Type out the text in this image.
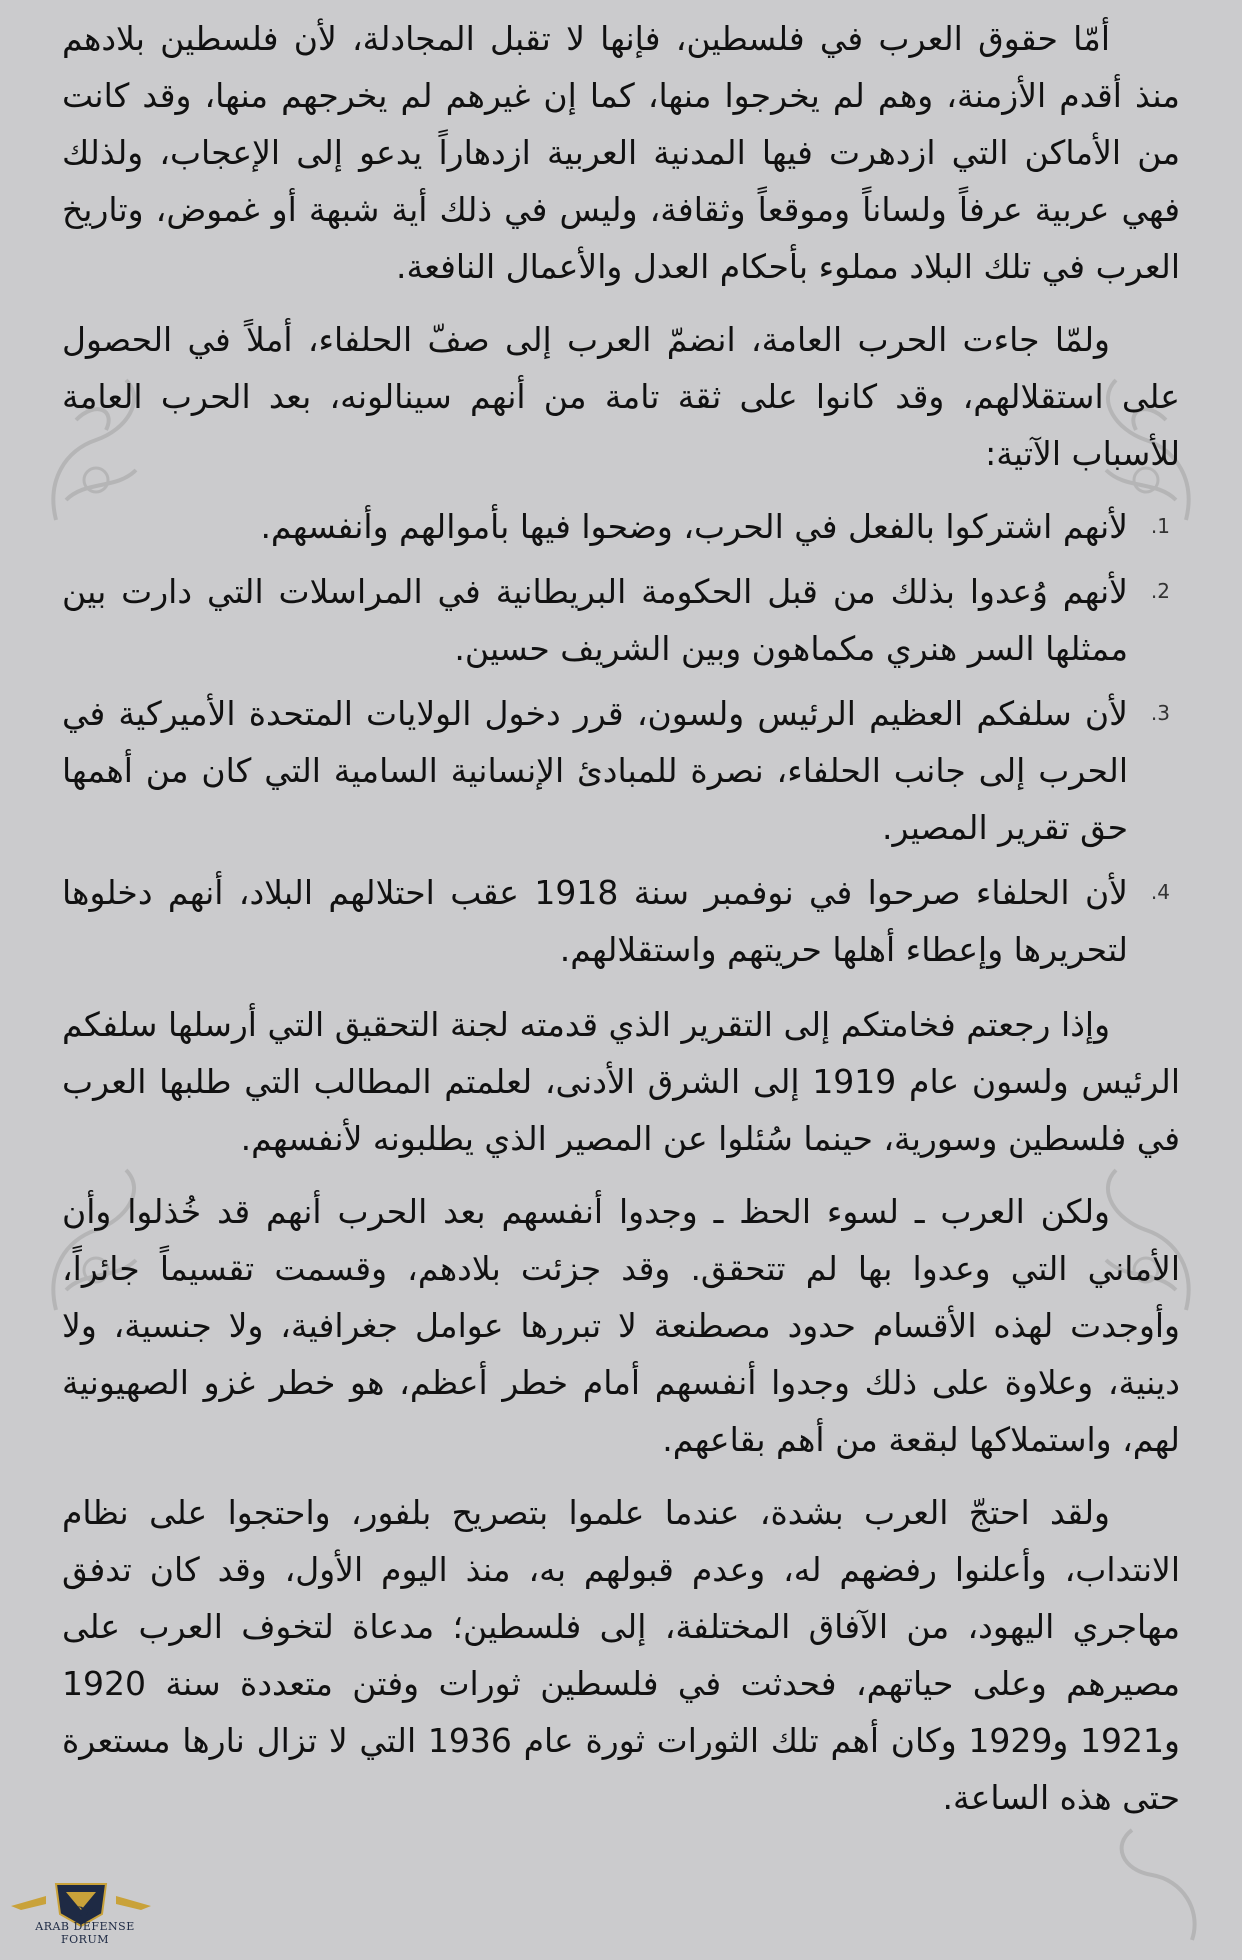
أمّا حقوق العرب في فلسطين، فإنها لا تقبل المجادلة، لأن فلسطين بلادهم منذ أقدم الأزمنة، وهم لم يخرجوا منها، كما إن غيرهم لم يخرجهم منها، وقد كانت من الأماكن التي ازدهرت فيها المدنية العربية ازدهاراً يدعو إلى الإعجاب، ولذلك فهي عربية عرفاً ولساناً وموقعاً وثقافة، وليس في ذلك أية شبهة أو غموض، وتاريخ العرب في تلك البلاد مملوء بأحكام العدل والأعمال النافعة.

ولمّا جاءت الحرب العامة، انضمّ العرب إلى صفّ الحلفاء، أملاً في الحصول على استقلالهم، وقد كانوا على ثقة تامة من أنهم سينالونه، بعد الحرب العامة للأسباب الآتية:

1.
لأنهم اشتركوا بالفعل في الحرب، وضحوا فيها بأموالهم وأنفسهم.
2.
لأنهم وُعدوا بذلك من قبل الحكومة البريطانية في المراسلات التي دارت بين ممثلها السر هنري مكماهون وبين الشريف حسين.
3.
لأن سلفكم العظيم الرئيس ولسون، قرر دخول الولايات المتحدة الأميركية في الحرب إلى جانب الحلفاء، نصرة للمبادئ الإنسانية السامية التي كان من أهمها حق تقرير المصير.
4.
لأن الحلفاء صرحوا في نوفمبر سنة 1918 عقب احتلالهم البلاد، أنهم دخلوها لتحريرها وإعطاء أهلها حريتهم واستقلالهم.

وإذا رجعتم فخامتكم إلى التقرير الذي قدمته لجنة التحقيق التي أرسلها سلفكم الرئيس ولسون عام 1919 إلى الشرق الأدنى، لعلمتم المطالب التي طلبها العرب في فلسطين وسورية، حينما سُئلوا عن المصير الذي يطلبونه لأنفسهم.

ولكن العرب ـ لسوء الحظ ـ وجدوا أنفسهم بعد الحرب أنهم قد خُذلوا وأن الأماني التي وعدوا بها لم تتحقق. وقد جزئت بلادهم، وقسمت تقسيماً جائراً، وأوجدت لهذه الأقسام حدود مصطنعة لا تبررها عوامل جغرافية، ولا جنسية، ولا دينية، وعلاوة على ذلك وجدوا أنفسهم أمام خطر أعظم، هو خطر غزو الصهيونية لهم، واستملاكها لبقعة من أهم بقاعهم.

ولقد احتجّ العرب بشدة، عندما علموا بتصريح بلفور، واحتجوا على نظام الانتداب، وأعلنوا رفضهم له، وعدم قبولهم به، منذ اليوم الأول، وقد كان تدفق مهاجري اليهود، من الآفاق المختلفة، إلى فلسطين؛ مدعاة لتخوف العرب على مصيرهم وعلى حياتهم، فحدثت في فلسطين ثورات وفتن متعددة سنة 1920 و1921 و1929 وكان أهم تلك الثورات ثورة عام 1936 التي لا تزال نارها مستعرة حتى هذه الساعة.

DA
ARAB DEFENSE FORUM
